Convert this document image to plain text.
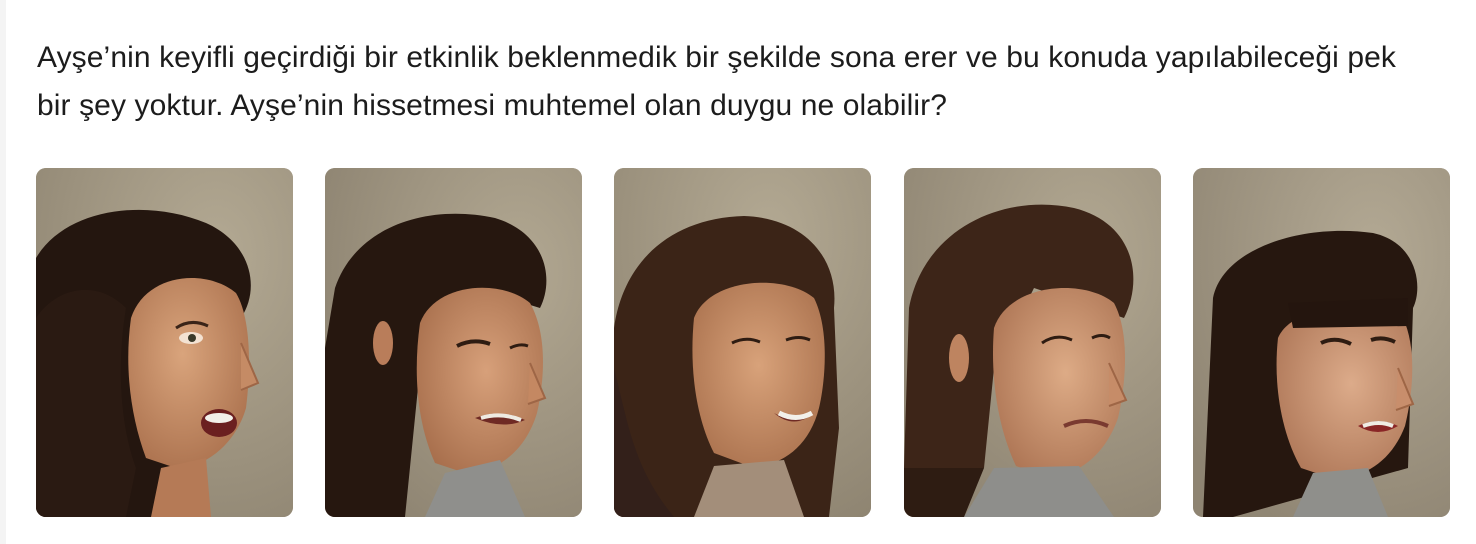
Ayşe’nin keyifli geçirdiği bir etkinlik beklenmedik bir şekilde sona erer ve bu konuda yapılabileceği pek bir şey yoktur. Ayşe’nin hissetmesi muhtemel olan duygu ne olabilir?
